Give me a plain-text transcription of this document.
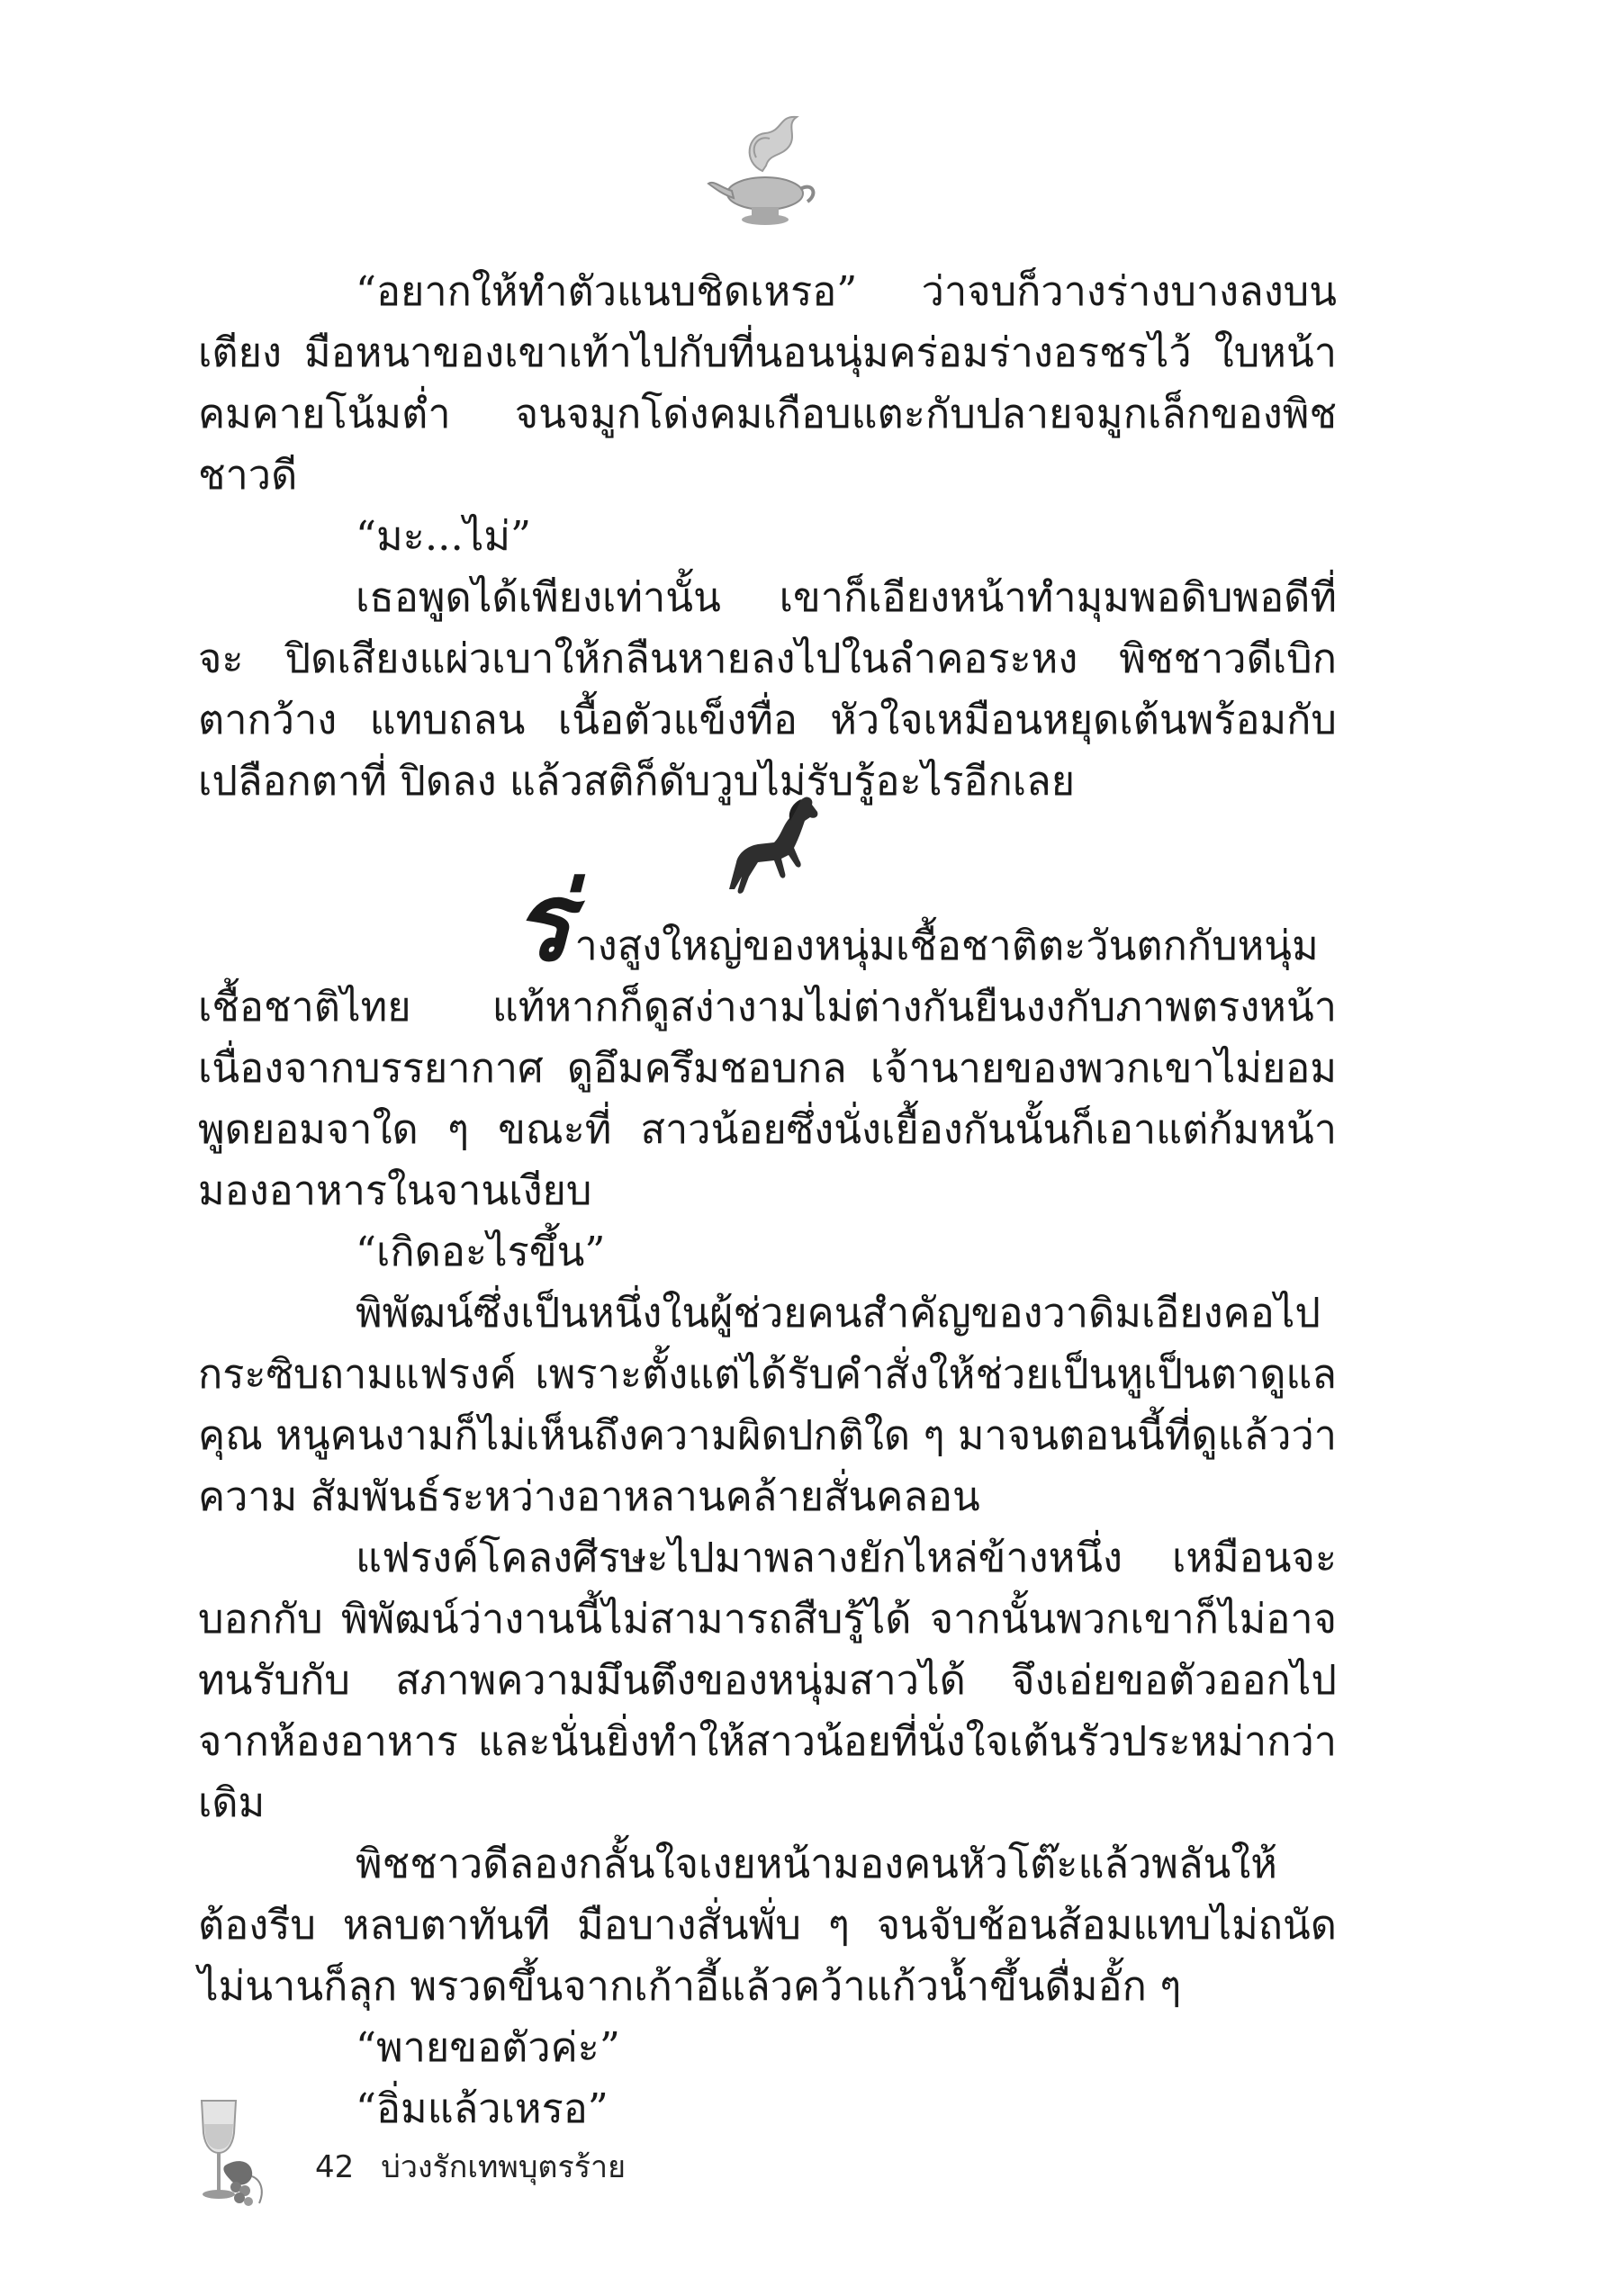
“อยากให้ทำตัวแนบชิดเหรอ” ว่าจบก็วางร่างบางลงบนเตียง มือหนาของเขาเท้าไปกับที่นอนนุ่มคร่อมร่างอรชรไว้ ใบหน้าคมคายโน้มต่ำ จนจมูกโด่งคมเกือบแตะกับปลายจมูกเล็กของพิชชาวดี

“มะ...ไม่”

เธอพูดได้เพียงเท่านั้น เขาก็เอียงหน้าทำมุมพอดิบพอดีที่จะ ปิดเสียงแผ่วเบาให้กลืนหายลงไปในลำคอระหง พิชชาวดีเบิกตากว้าง แทบถลน เนื้อตัวแข็งทื่อ หัวใจเหมือนหยุดเต้นพร้อมกับเปลือกตาที่ ปิดลง แล้วสติก็ดับวูบไม่รับรู้อะไรอีกเลย

ร่างสูงใหญ่ของหนุ่มเชื้อชาติตะวันตกกับหนุ่มเชื้อชาติไทย แท้หากก็ดูสง่างามไม่ต่างกันยืนงงกับภาพตรงหน้า เนื่องจากบรรยากาศ ดูอึมครึมชอบกล เจ้านายของพวกเขาไม่ยอมพูดยอมจาใด ๆ ขณะที่ สาวน้อยซึ่งนั่งเยื้องกันนั้นก็เอาแต่ก้มหน้ามองอาหารในจานเงียบ

“เกิดอะไรขึ้น”

พิพัฒน์ซึ่งเป็นหนึ่งในผู้ช่วยคนสำคัญของวาดิมเอียงคอไป กระซิบถามแฟรงค์ เพราะตั้งแต่ได้รับคำสั่งให้ช่วยเป็นหูเป็นตาดูแลคุณ หนูคนงามก็ไม่เห็นถึงความผิดปกติใด ๆ มาจนตอนนี้ที่ดูแล้วว่าความ สัมพันธ์ระหว่างอาหลานคล้ายสั่นคลอน

แฟรงค์โคลงศีรษะไปมาพลางยักไหล่ข้างหนึ่ง เหมือนจะบอกกับ พิพัฒน์ว่างานนี้ไม่สามารถสืบรู้ได้ จากนั้นพวกเขาก็ไม่อาจทนรับกับ สภาพความมึนตึงของหนุ่มสาวได้ จึงเอ่ยขอตัวออกไปจากห้องอาหาร และนั่นยิ่งทำให้สาวน้อยที่นั่งใจเต้นรัวประหม่ากว่าเดิม

พิชชาวดีลองกลั้นใจเงยหน้ามองคนหัวโต๊ะแล้วพลันให้ต้องรีบ หลบตาทันที มือบางสั่นพั่บ ๆ จนจับช้อนส้อมแทบไม่ถนัด ไม่นานก็ลุก พรวดขึ้นจากเก้าอี้แล้วคว้าแก้วน้ำขึ้นดื่มอั้ก ๆ

“พายขอตัวค่ะ”

“อิ่มแล้วเหรอ”

42 บ่วงรักเทพบุตรร้าย
